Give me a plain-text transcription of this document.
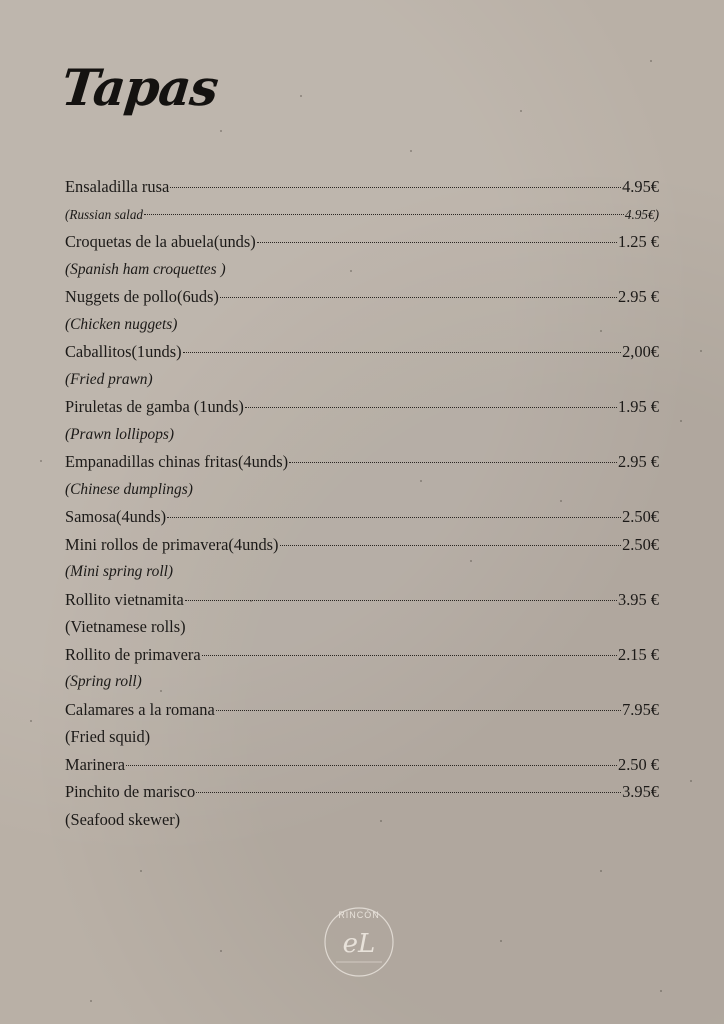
Tapas
Ensaladilla rusa	4.95€
(Russian salad	4.95€)
Croquetas de la abuela(unds)	1.25 €
(Spanish ham croquettes )
Nuggets de pollo(6uds)	2.95 €
(Chicken nuggets)
Caballitos(1unds)	2,00€
(Fried prawn)
Piruletas de gamba (1unds)	1.95 €
(Prawn lollipops)
Empanadillas chinas fritas(4unds)	2.95 €
(Chinese dumplings)
Samosa(4unds)	2.50€
Mini rollos de primavera(4unds)	2.50€
(Mini spring roll)
Rollito vietnamita	3.95 €
(Vietnamese rolls)
Rollito de primavera	2.15 €
(Spring roll)
Calamares a la romana	7.95€
(Fried squid)
Marinera	2.50 €
Pinchito de marisco	3.95€
(Seafood skewer)
RINCÓN
eL
